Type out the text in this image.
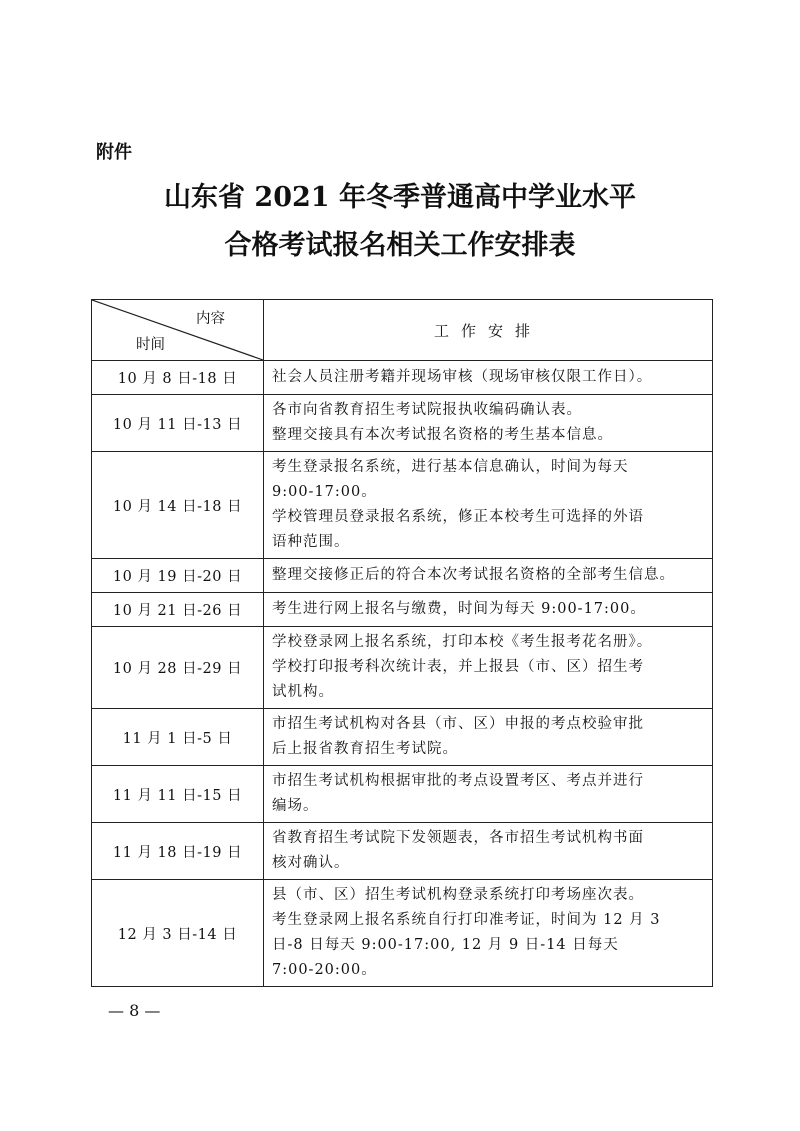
附件
山东省 2021 年冬季普通高中学业水平
合格考试报名相关工作安排表
内容
时间	工作安排
10 月 8 日-18 日	社会人员注册考籍并现场审核（现场审核仅限工作日）。

10 月 11 日-13 日	各市向省教育招生考试院报执收编码确认表。
整理交接具有本次考试报名资格的考生基本信息。

10 月 14 日-18 日	考生登录报名系统，进行基本信息确认，时间为每天
9:00-17:00。
学校管理员登录报名系统，修正本校考生可选择的外语
语种范围。

10 月 19 日-20 日	整理交接修正后的符合本次考试报名资格的全部考生信息。

10 月 21 日-26 日	考生进行网上报名与缴费，时间为每天 9:00-17:00。

10 月 28 日-29 日	学校登录网上报名系统，打印本校《考生报考花名册》。
学校打印报考科次统计表，并上报县（市、区）招生考
试机构。

11 月 1 日-5 日	市招生考试机构对各县（市、区）申报的考点校验审批
后上报省教育招生考试院。

11 月 11 日-15 日	市招生考试机构根据审批的考点设置考区、考点并进行
编场。

11 月 18 日-19 日	省教育招生考试院下发领题表，各市招生考试机构书面
核对确认。

12 月 3 日-14 日	县（市、区）招生考试机构登录系统打印考场座次表。
考生登录网上报名系统自行打印准考证，时间为 12 月 3
日-8 日每天 9:00-17:00, 12 月 9 日-14 日每天
7:00-20:00。
— 8 —
